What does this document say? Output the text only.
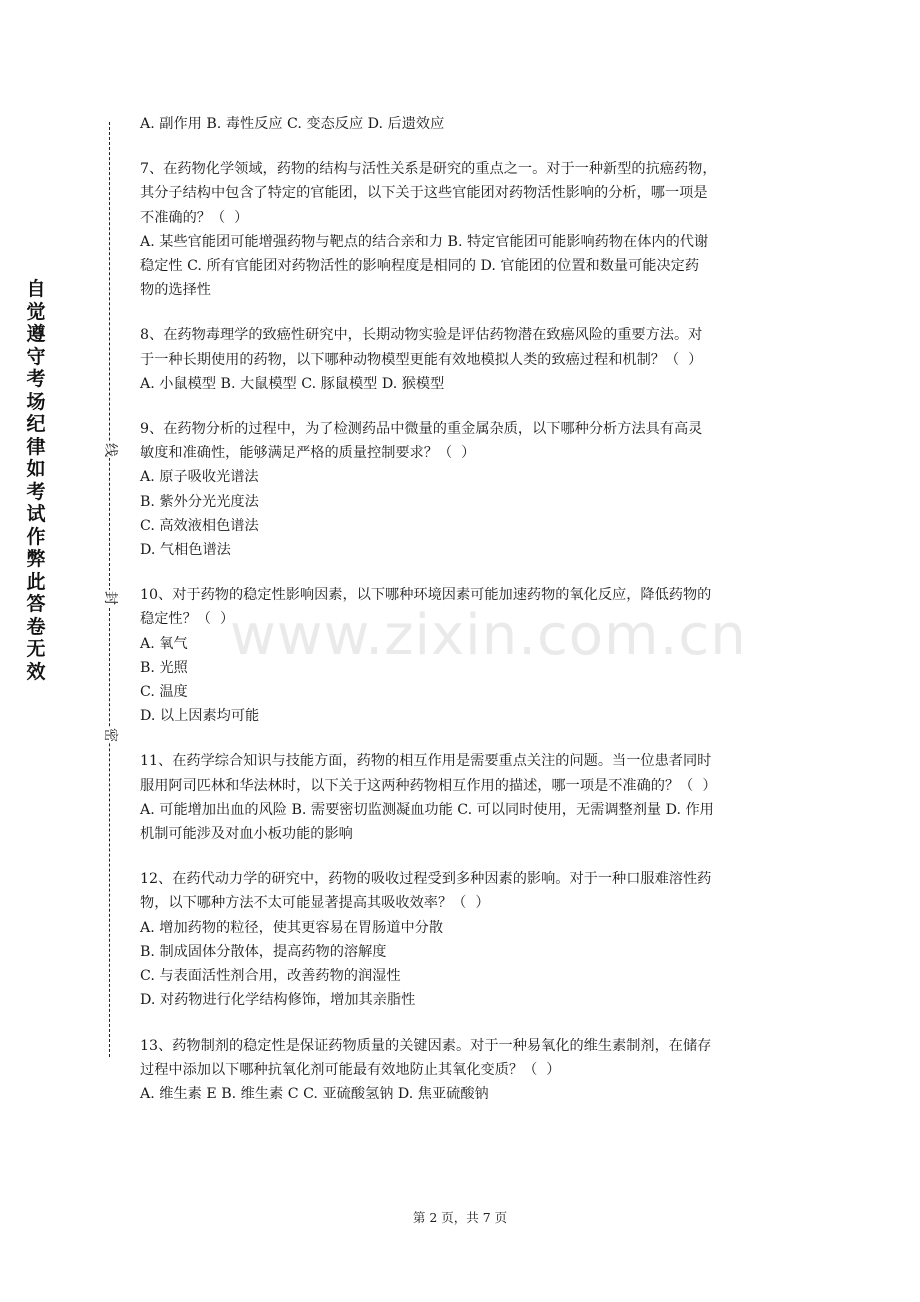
自觉遵守考场纪律如考试作弊此答卷无效
线
封
密
www.zixin.com.cn
A. 副作用 B. 毒性反应 C. 变态反应 D. 后遗效应
7、在药物化学领域，药物的结构与活性关系是研究的重点之一。对于一种新型的抗癌药物，
其分子结构中包含了特定的官能团，以下关于这些官能团对药物活性影响的分析，哪一项是
不准确的？（  ）
A. 某些官能团可能增强药物与靶点的结合亲和力 B. 特定官能团可能影响药物在体内的代谢
稳定性 C. 所有官能团对药物活性的影响程度是相同的 D. 官能团的位置和数量可能决定药
物的选择性
8、在药物毒理学的致癌性研究中，长期动物实验是评估药物潜在致癌风险的重要方法。对
于一种长期使用的药物，以下哪种动物模型更能有效地模拟人类的致癌过程和机制？（  ）
A. 小鼠模型 B. 大鼠模型 C. 豚鼠模型 D. 猴模型
9、在药物分析的过程中，为了检测药品中微量的重金属杂质，以下哪种分析方法具有高灵
敏度和准确性，能够满足严格的质量控制要求？（  ）
A. 原子吸收光谱法
B. 紫外分光光度法
C. 高效液相色谱法
D. 气相色谱法
10、对于药物的稳定性影响因素，以下哪种环境因素可能加速药物的氧化反应，降低药物的
稳定性？（  ）
A. 氧气
B. 光照
C. 温度
D. 以上因素均可能
11、在药学综合知识与技能方面，药物的相互作用是需要重点关注的问题。当一位患者同时
服用阿司匹林和华法林时，以下关于这两种药物相互作用的描述，哪一项是不准确的？（  ）
A. 可能增加出血的风险 B. 需要密切监测凝血功能 C. 可以同时使用，无需调整剂量 D. 作用
机制可能涉及对血小板功能的影响
12、在药代动力学的研究中，药物的吸收过程受到多种因素的影响。对于一种口服难溶性药
物，以下哪种方法不太可能显著提高其吸收效率？（  ）
A. 增加药物的粒径，使其更容易在胃肠道中分散
B. 制成固体分散体，提高药物的溶解度
C. 与表面活性剂合用，改善药物的润湿性
D. 对药物进行化学结构修饰，增加其亲脂性
13、药物制剂的稳定性是保证药物质量的关键因素。对于一种易氧化的维生素制剂，在储存
过程中添加以下哪种抗氧化剂可能最有效地防止其氧化变质？（  ）
A. 维生素 E B. 维生素 C C. 亚硫酸氢钠 D. 焦亚硫酸钠
第 2 页，共 7 页
